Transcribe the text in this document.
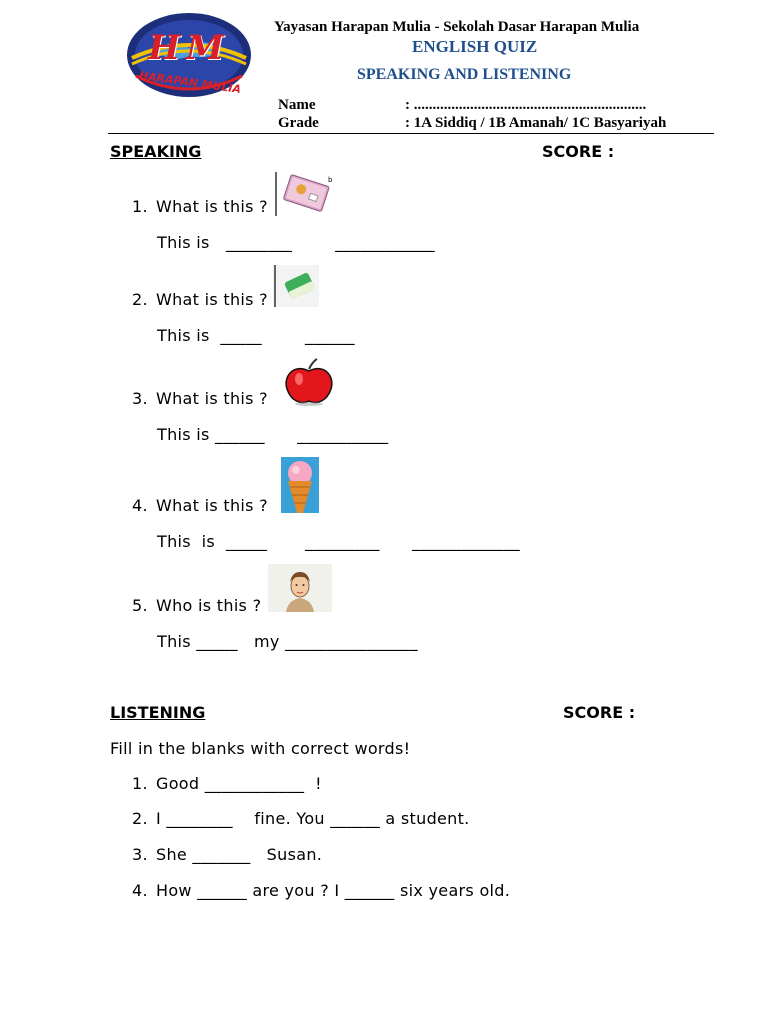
HM
HARAPAN MULIA
Yayasan Harapan Mulia - Sekolah Dasar Harapan Mulia
ENGLISH QUIZ
SPEAKING AND LISTENING
Name	: ..............................................................
Grade	: 1A Siddiq / 1B Amanah/ 1C Basyariyah
SPEAKING	SCORE :
1. What is this ?
b
This is   ________        ____________
2. What is this ?
This is  _____        ______
3. What is this ?
This is ______      ___________
4. What is this ?
This  is  _____       _________      _____________
5. Who is this ?
This _____   my ________________
LISTENING	SCORE :
Fill in the blanks with correct words!
1. Good ____________  !
2. I ________    fine. You ______ a student.
3. She _______   Susan.
4. How ______ are you ? I ______ six years old.
